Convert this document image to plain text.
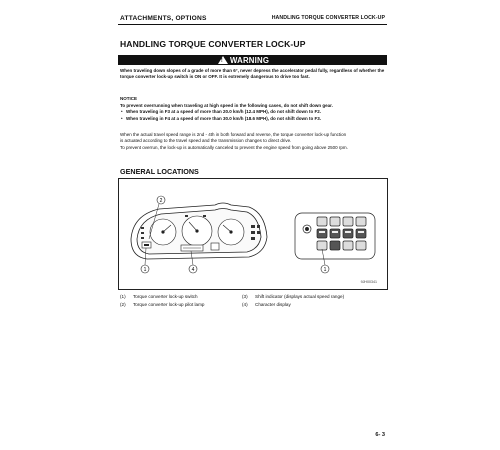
ATTACHMENTS, OPTIONS	HANDLING TORQUE CONVERTER LOCK-UP
HANDLING TORQUE CONVERTER LOCK-UP
! WARNING
When traveling down slopes of a grade of more than 6°, never depress the accelerator pedal fully, regardless of whether the torque converter lock-up switch is ON or OFF. It is extremely dangerous to drive too fast.
NOTICE
To prevent overrunning when traveling at high speed in the following cases, do not shift down gear.
• When traveling in F3 at a speed of more than 20.0 km/h (12.4 MPH), do not shift down to F2.
• When traveling in F4 at a speed of more than 30.0 km/h (18.6 MPH), do not shift down to F3.
When the actual travel speed range is 2nd - 4th in both forward and reverse, the torque converter lock-up function
is actuated according to the travel speed and the transmission changes to direct drive.
To prevent overrun, the lock-up is automatically canceled to prevent the engine speed from going above 2500 rpm.
GENERAL LOCATIONS
2
1	4	1
9JH00341
(1)	Torque converter lock-up switch	(3)	Shift indicator (displays actual speed range)
(2)	Torque converter lock-up pilot lamp	(4)	Character display
6- 3
